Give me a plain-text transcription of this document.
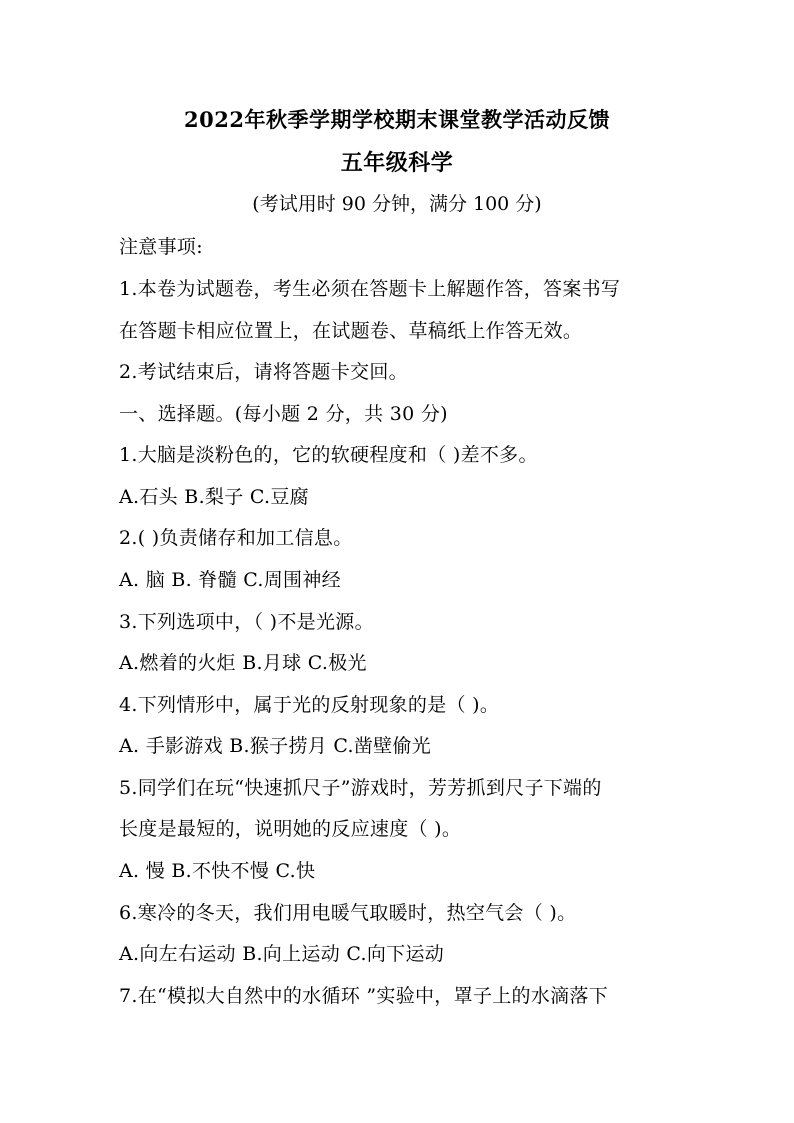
2022年秋季学期学校期末课堂教学活动反馈
五年级科学
(考试用时 90 分钟，满分 100 分)
注意事项:
1.本卷为试题卷，考生必须在答题卡上解题作答，答案书写
在答题卡相应位置上，在试题卷、草稿纸上作答无效。
2.考试结束后，请将答题卡交回。
一、选择题。(每小题 2 分，共 30 分)
1.大脑是淡粉色的，它的软硬程度和（ )差不多。
A.石头 B.梨子 C.豆腐
2.( )负责储存和加工信息。
A. 脑 B. 脊髓 C.周围神经
3.下列选项中，（ )不是光源。
A.燃着的火炬 B.月球 C.极光
4.下列情形中，属于光的反射现象的是（ )。
A. 手影游戏 B.猴子捞月 C.凿壁偷光
5.同学们在玩“快速抓尺子”游戏时，芳芳抓到尺子下端的
长度是最短的，说明她的反应速度（ )。
A. 慢 B.不快不慢 C.快
6.寒冷的冬天，我们用电暖气取暖时，热空气会（ )。
A.向左右运动 B.向上运动 C.向下运动
7.在“模拟大自然中的水循环 ”实验中，罩子上的水滴落下
